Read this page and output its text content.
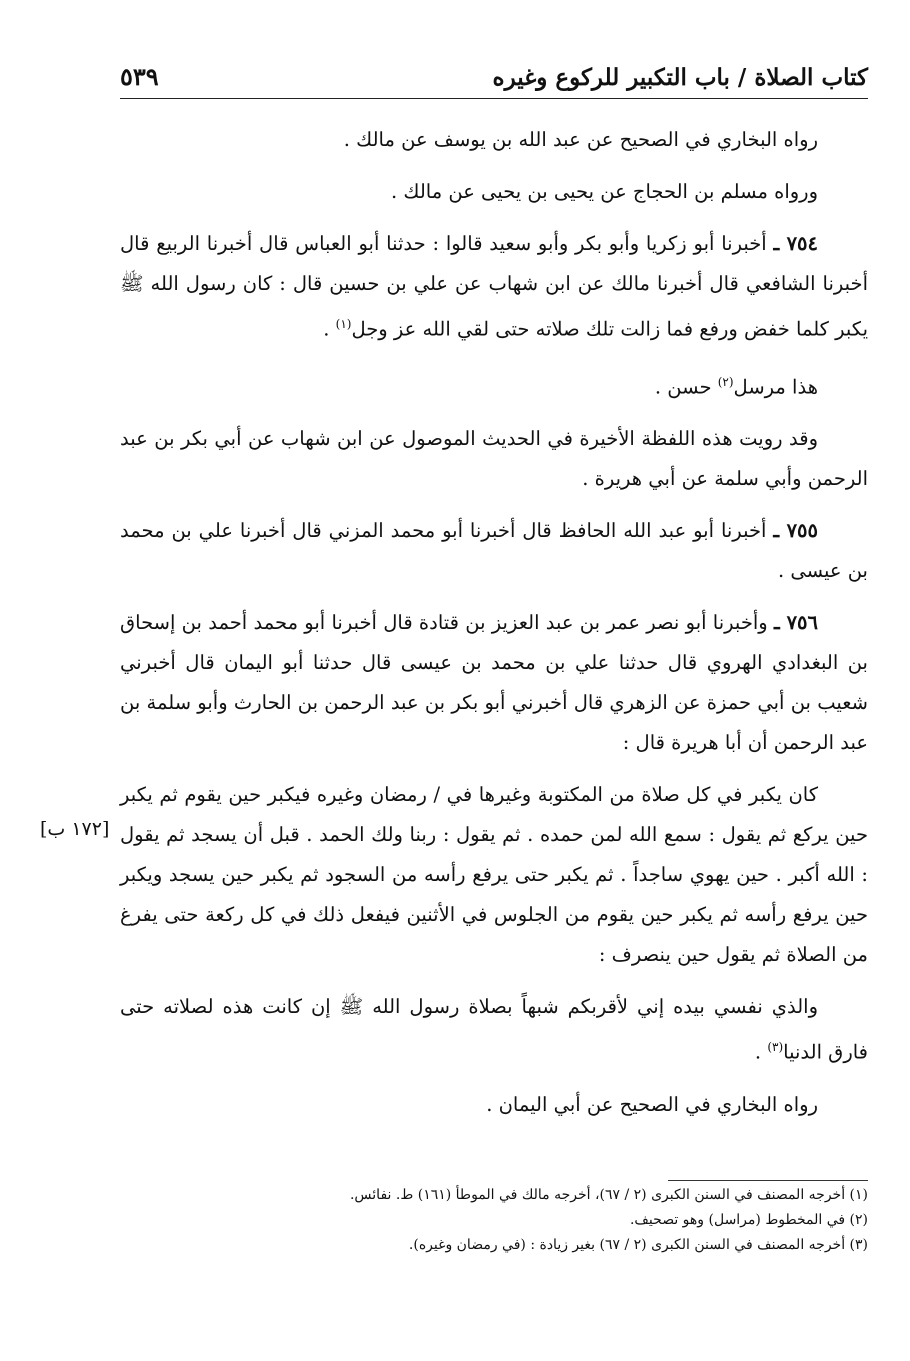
كتاب الصلاة / باب التكبير للركوع وغيره
٥٣٩

رواه البخاري في الصحيح عن عبد الله بن يوسف عن مالك .

ورواه مسلم بن الحجاج عن يحيى بن يحيى عن مالك .

٧٥٤ ـ أخبرنا أبو زكريا وأبو بكر وأبو سعيد قالوا : حدثنا أبو العباس قال أخبرنا الربيع قال أخبرنا الشافعي قال أخبرنا مالك عن ابن شهاب عن علي بن حسين قال : كان رسول الله ﷺ يكبر كلما خفض ورفع فما زالت تلك صلاته حتى لقي الله عز وجل$^{(١)}$ .

هذا مرسل$^{(٢)}$ حسن .

وقد رويت هذه اللفظة الأخيرة في الحديث الموصول عن ابن شهاب عن أبي بكر بن عبد الرحمن وأبي سلمة عن أبي هريرة .

٧٥٥ ـ أخبرنا أبو عبد الله الحافظ قال أخبرنا أبو محمد المزني قال أخبرنا علي بن محمد بن عيسى .

٧٥٦ ـ وأخبرنا أبو نصر عمر بن عبد العزيز بن قتادة قال أخبرنا أبو محمد أحمد بن إسحاق بن البغدادي الهروي قال حدثنا علي بن محمد بن عيسى قال حدثنا أبو اليمان قال أخبرني شعيب بن أبي حمزة عن الزهري قال أخبرني أبو بكر بن عبد الرحمن بن الحارث وأبو سلمة بن عبد الرحمن أن أبا هريرة قال :

كان يكبر في كل صلاة من المكتوبة وغيرها في / رمضان وغيره فيكبر حين يقوم ثم يكبر حين يركع ثم يقول : سمع الله لمن حمده . ثم يقول : ربنا ولك الحمد . قبل أن يسجد ثم يقول : الله أكبر . حين يهوي ساجداً . ثم يكبر حتى يرفع رأسه من السجود ثم يكبر حين يسجد ويكبر حين يرفع رأسه ثم يكبر حين يقوم من الجلوس في الأثنين فيفعل ذلك في كل ركعة حتى يفرغ من الصلاة ثم يقول حين ينصرف :

والذي نفسي بيده إني لأقربكم شبهاً بصلاة رسول الله ﷺ إن كانت هذه لصلاته حتى فارق الدنيا$^{(٣)}$ .

رواه البخاري في الصحيح عن أبي اليمان .

[١٧٢ ب]
(١) أخرجه المصنف في السنن الكبرى (٢ / ٦٧)، أخرجه مالك في الموطأ (١٦١) ط. نفائس.
(٢) في المخطوط (مراسل) وهو تصحيف.
(٣) أخرجه المصنف في السنن الكبرى (٢ / ٦٧) بغير زيادة : (في رمضان وغيره).
